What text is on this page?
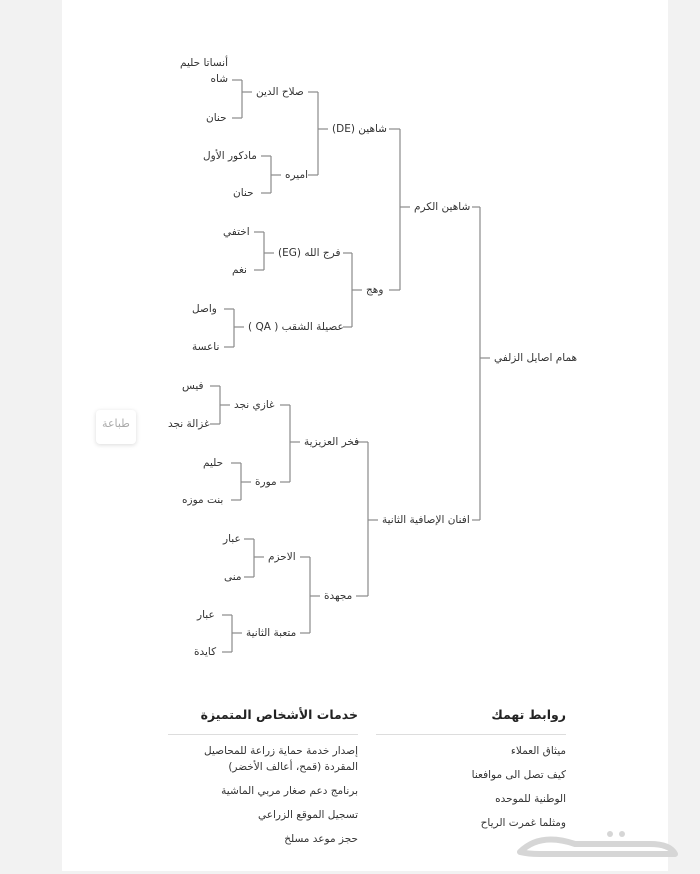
همام اصايل الزلفي
شاهين الكرم
افنان الإصافية الثانية
شاهين (DE)
وهج
فخر العزيزية
مجهدة
صلاح الدين
اميره
فرج الله (EG)
عصيلة الشقب ( QA )
غازي نجد
مورة
الاحزم
متعبة الثانية
أنساتا حليم شاه
حنان
مادكور الأول
حنان
اختفي
نغم
واصل
ناعسة
فيس
غزالة نجد
حليم
بنت موزه
عبار
منى
عبار
كايدة
طباعة
روابط تهمك
ميثاق العملاء
كيف تصل الى موافعنا
الوطنية للموحده
ومثلما غمرت الرياح
خدمات الأشخاص المتميزة
إصدار خدمة حماية زراعة للمحاصيل المقردة (قمح، أعالف الأخضر)
برنامج دعم صغار مربي الماشية
تسجيل الموقع الزراعي
حجز موعد مسلخ
